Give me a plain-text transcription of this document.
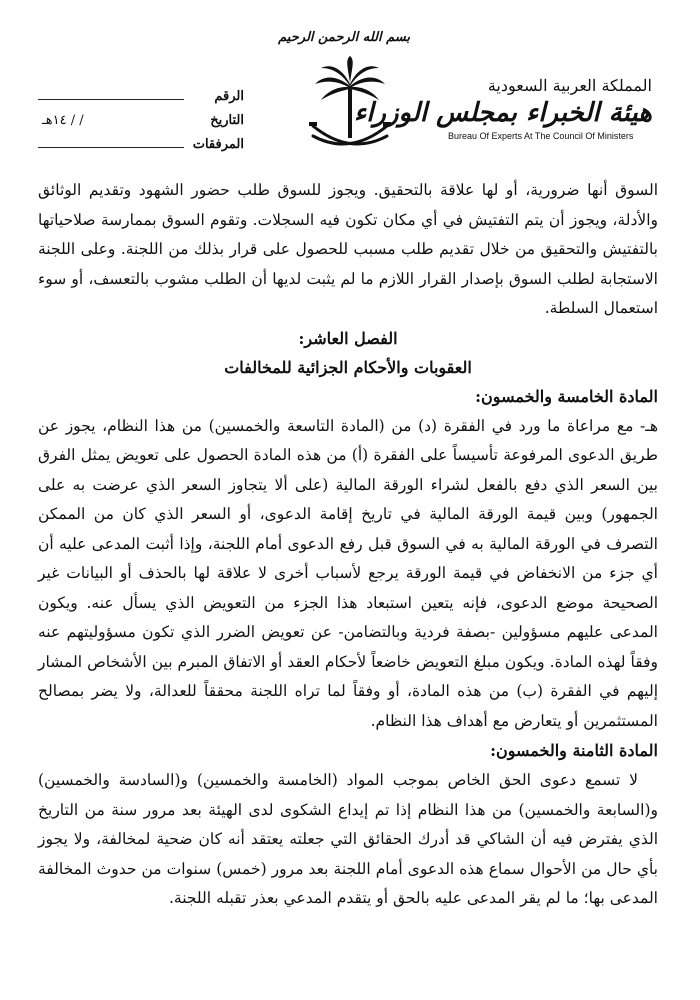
بسم الله الرحمن الرحيم
المملكة العربية السعودية
هيئة الخبراء بمجلس الوزراء
Bureau Of Experts At The Council Of Ministers
الرقم
التاريخ
/ / ١٤هـ
المرفقات

السوق أنها ضرورية، أو لها علاقة بالتحقيق. ويجوز للسوق طلب حضور الشهود وتقديم الوثائق والأدلة، ويجوز أن يتم التفتيش في أي مكان تكون فيه السجلات. وتقوم السوق بممارسة صلاحياتها بالتفتيش والتحقيق من خلال تقديم طلب مسبب للحصول على قرار بذلك من اللجنة. وعلى اللجنة الاستجابة لطلب السوق بإصدار القرار اللازم ما لم يثبت لديها أن الطلب مشوب بالتعسف، أو سوء استعمال السلطة.

الفصل العاشر:

العقوبات والأحكام الجزائية للمخالفات

المادة الخامسة والخمسون:

هـ- مع مراعاة ما ورد في الفقرة (د) من (المادة التاسعة والخمسين) من هذا النظام، يجوز عن طريق الدعوى المرفوعة تأسيساً على الفقرة (أ) من هذه المادة الحصول على تعويض يمثل الفرق بين السعر الذي دفع بالفعل لشراء الورقة المالية (على ألا يتجاوز السعر الذي عرضت به على الجمهور) وبين قيمة الورقة المالية في تاريخ إقامة الدعوى، أو السعر الذي كان من الممكن التصرف في الورقة المالية به في السوق قبل رفع الدعوى أمام اللجنة، وإذا أثبت المدعى عليه أن أي جزء من الانخفاض في قيمة الورقة يرجع لأسباب أخرى لا علاقة لها بالحذف أو البيانات غير الصحيحة موضع الدعوى، فإنه يتعين استبعاد هذا الجزء من التعويض الذي يسأل عنه. ويكون المدعى عليهم مسؤولين -بصفة فردية وبالتضامن- عن تعويض الضرر الذي تكون مسؤوليتهم عنه وفقاً لهذه المادة. ويكون مبلغ التعويض خاضعاً لأحكام العقد أو الاتفاق المبرم بين الأشخاص المشار إليهم في الفقرة (ب) من هذه المادة، أو وفقاً لما تراه اللجنة محققاً للعدالة، ولا يضر بمصالح المستثمرين أو يتعارض مع أهداف هذا النظام.

المادة الثامنة والخمسون:

لا تسمع دعوى الحق الخاص بموجب المواد (الخامسة والخمسين) و(السادسة والخمسين) و(السابعة والخمسين) من هذا النظام إذا تم إيداع الشكوى لدى الهيئة بعد مرور سنة من التاريخ الذي يفترض فيه أن الشاكي قد أدرك الحقائق التي جعلته يعتقد أنه كان ضحية لمخالفة، ولا يجوز بأي حال من الأحوال سماع هذه الدعوى أمام اللجنة بعد مرور (خمس) سنوات من حدوث المخالفة المدعى بها؛ ما لم يقر المدعى عليه بالحق أو يتقدم المدعي بعذر تقبله اللجنة.
